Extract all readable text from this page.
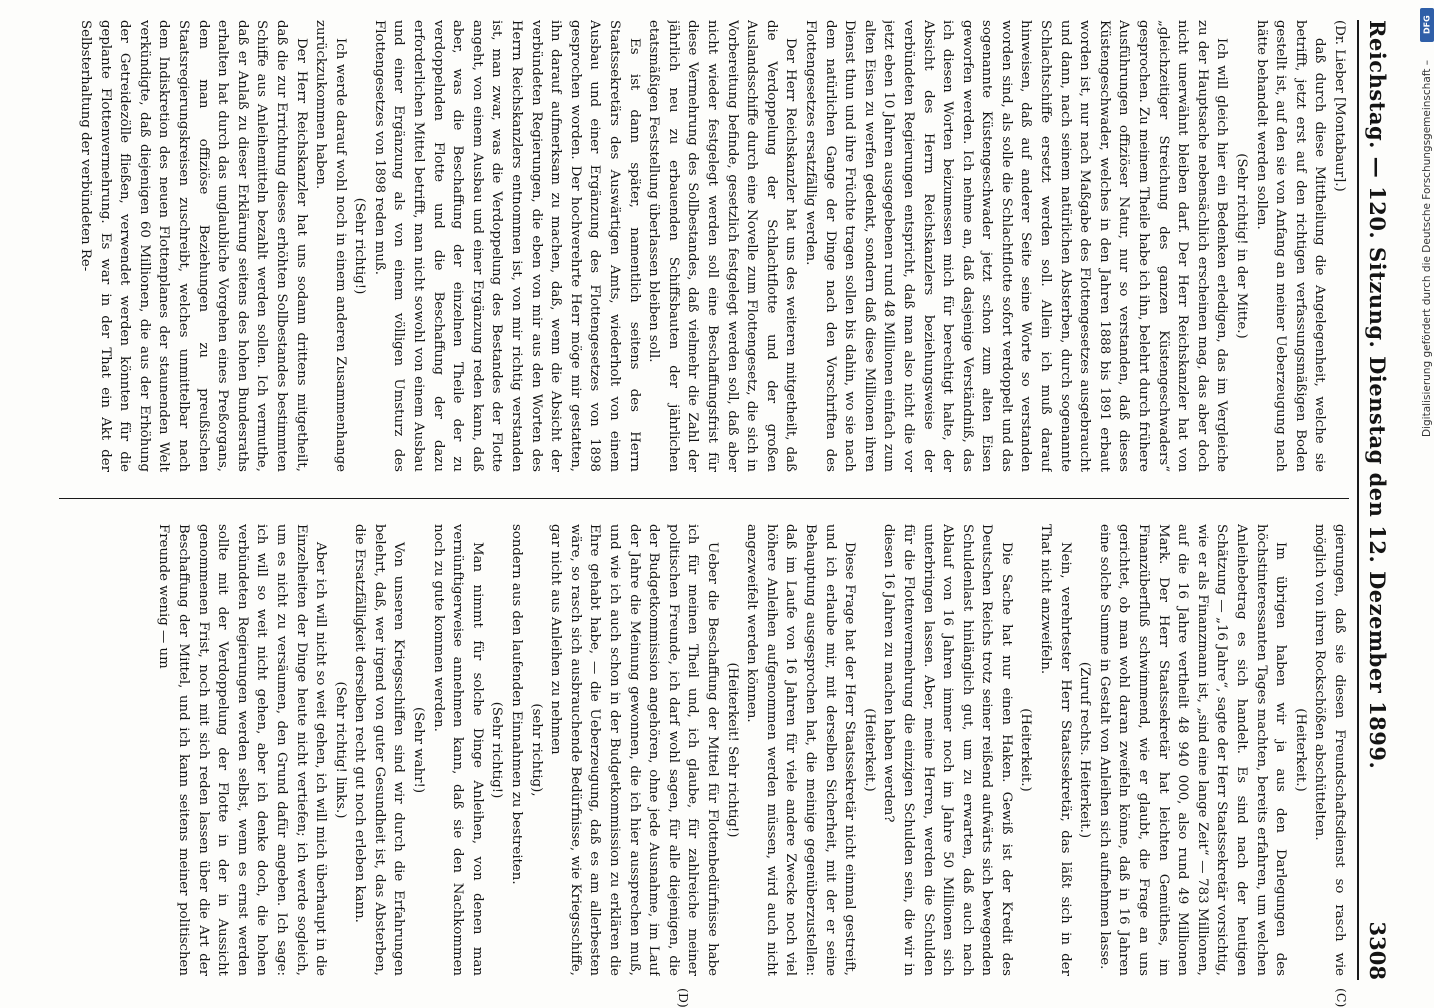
Reichstag. — 120. Sitzung. Dienstag den 12. Dezember 1899.
3308
(C)
(D)

(Dr. Lieber [Montabaur].)

daß durch diese Mittheilung die Angelegenheit, welche sie betrifft, jetzt erst auf den richtigen verfassungsmäßigen Boden gestellt ist, auf den sie von Anfang an meiner Ueberzeugung nach hätte behandelt werden sollen.

(Sehr richtig! in der Mitte.)

Ich will gleich hier ein Bedenken erledigen, das im Vergleiche zu der Hauptsache nebensächlich erscheinen mag, das aber doch nicht unerwähnt bleiben darf. Der Herr Reichskanzler hat von „gleichzeitiger Streichung des ganzen Küstengeschwaders“ gesprochen. Zu meinem Theile habe ich ihn, belehrt durch frühere Ausführungen offiziöser Natur, nur so verstanden, daß dieses Küstengeschwader, welches in den Jahren 1888 bis 1891 erbaut worden ist, nur nach Maßgabe des Flottengesetzes ausgebraucht und dann, nach seinem natürlichen Absterben, durch sogenannte Schlachtschiffe ersetzt werden soll. Allein ich muß darauf hinweisen, daß auf anderer Seite seine Worte so verstanden worden sind, als solle die Schlachtflotte sofort verdoppelt und das sogenannte Küstengeschwader jetzt schon zum alten Eisen geworfen werden. Ich nehme an, daß dasjenige Verständniß, das ich diesen Worten beizumessen mich für berechtigt halte, der Absicht des Herrn Reichskanzlers beziehungsweise der verbündeten Regierungen entspricht, daß man also nicht die vor jetzt eben 10 Jahren ausgegebenen rund 48 Millionen einfach zum alten Eisen zu werfen gedenkt, sondern daß diese Millionen ihren Dienst thun und ihre Früchte tragen sollen bis dahin, wo sie nach dem natürlichen Gange der Dinge nach den Vorschriften des Flottengesetzes ersatzfällig werden.

Der Herr Reichskanzler hat uns des weiteren mitgetheilt, daß die Verdoppelung der Schlachtflotte und der großen Auslandsschiffe durch eine Novelle zum Flottengesetz, die sich in Vorbereitung befinde, gesetzlich festgelegt werden soll, daß aber nicht wieder festgelegt werden soll eine Beschaffungsfrist für diese Vermehrung des Sollbestandes, daß vielmehr die Zahl der jährlich neu zu erbauenden Schiffsbauten der jährlichen etatsmäßigen Feststellung überlassen bleiben soll.

Es ist dann später, namentlich seitens des Herrn Staatssekretärs des Auswärtigen Amts, wiederholt von einem Ausbau und einer Ergänzung des Flottengesetzes von 1898 gesprochen worden. Der hochverehrte Herr möge mir gestatten, ihn darauf aufmerksam zu machen, daß, wenn die Absicht der verbündeten Regierungen, die eben von mir aus den Worten des Herrn Reichskanzlers entnommen ist, von mir richtig verstanden ist, man zwar, was die Verdoppelung des Bestandes der Flotte angeht, von einem Ausbau und einer Ergänzung reden kann, daß aber, was die Beschaffung der einzelnen Theile der zu verdoppelnden Flotte und die Beschaffung der dazu erforderlichen Mittel betrifft, man nicht sowohl von einem Ausbau und einer Ergänzung als von einem völligen Umsturz des Flottengesetzes von 1898 reden muß.

(Sehr richtig!)

Ich werde darauf wohl noch in einem anderen Zusammenhange zurückzukommen haben.

Der Herr Reichskanzler hat uns sodann drittens mitgetheilt, daß die zur Errichtung dieses erhöhten Sollbestandes bestimmten Schiffe aus Anleihemitteln bezahlt werden sollen. Ich vermuthe, daß er Anlaß zu dieser Erklärung seitens des hohen Bundesraths erhalten hat durch das unglaubliche Vorgehen eines Preßorgans, dem man offiziöse Beziehungen zu preußischen Staatsregierungskreisen zuschreibt, welches unmittelbar nach dem Indiskretion des neuen Flottenplanes der staunenden Welt verkündigte, daß diejenigen 60 Millionen, die aus der Erhöhung der Getreidezölle fließen, verwendet werden könnten für die geplante Flottenvermehrung. Es war in der That ein Akt der Selbsterhaltung der verbündeten Re-

gierungen, daß sie diesen Freundschaftsdienst so rasch wie möglich von ihren Rockschößen abschüttelten.

(Heiterkeit.)

Im übrigen haben wir ja aus den Darlegungen des höchstinteressanten Tages machten, bereits erfahren, um welchen Anleihebetrag es sich handelt. Es sind nach der heutigen Schätzung — „16 Jahre“, sagte der Herr Staatssekretär vorsichtig, wie er als Finanzmann ist, „sind eine lange Zeit“ — 783 Millionen, auf die 16 Jahre vertheilt 48 940 000, also rund 49 Millionen Mark. Der Herr Staatssekretär hat leichten Gemüthes, im Finanzüberfluß schwimmend, wie er glaubt, die Frage an uns gerichtet, ob man wohl daran zweifeln könne, daß in 16 Jahren eine solche Summe in Gestalt von Anleihen sich aufnehmen lasse.

(Zuruf rechts. Heiterkeit.)

Nein, verehrtester Herr Staatssekretär, das läßt sich in der That nicht anzweifeln.

(Heiterkeit.)

Die Sache hat nur einen Haken. Gewiß ist der Kredit des Deutschen Reichs trotz seiner reißend aufwärts sich bewegenden Schuldenlast hinlänglich gut, um zu erwarten, daß auch nach Ablauf von 16 Jahren immer noch im Jahre 50 Millionen sich unterbringen lassen. Aber, meine Herren, werden die Schulden für die Flottenvermehrung die einzigen Schulden sein, die wir in diesen 16 Jahren zu machen haben werden?

(Heiterkeit.)

Diese Frage hat der Herr Staatssekretär nicht einmal gestreift, und ich erlaube mir, mit derselben Sicherheit, mit der er seine Behauptung ausgesprochen hat, die meinige gegenüberzustellen: daß im Laufe von 16 Jahren für viele andere Zwecke noch viel höhere Anleihen aufgenommen werden müssen, wird auch nicht angezweifelt werden können.

(Heiterkeit! Sehr richtig!)

Ueber die Beschaffung der Mittel für Flottenbedürfnisse habe ich für meinen Theil und, ich glaube, für zahlreiche meiner politischen Freunde, ich darf wohl sagen, für alle diejenigen, die der Budgetkommission angehören, ohne jede Ausnahme, im Lauf der Jahre die Meinung gewonnen, die ich hier aussprechen muß, und wie ich auch schon in der Budgetkommission zu erklären die Ehre gehabt habe, — die Ueberzeugung, daß es am allerbesten wäre, so rasch sich ausbrauchende Bedürfnisse, wie Kriegsschiffe, gar nicht aus Anleihen zu nehmen

(sehr richtig),

sondern aus den laufenden Einnahmen zu bestreiten.

(Sehr richtig!)

Man nimmt für solche Dinge Anleihen, von denen man vernünftigerweise annehmen kann, daß sie den Nachkommen noch zu gute kommen werden.

(Sehr wahr!)

Von unseren Kriegsschiffen sind wir durch die Erfahrungen belehrt, daß, wer irgend von guter Gesundheit ist, das Absterben, die Ersatzfälligkeit derselben recht gut noch erleben kann.

(Sehr richtig! links.)

Aber ich will nicht so weit gehen, ich will mich überhaupt in die Einzelheiten der Dinge heute nicht vertiefen; ich werde sogleich, um es nicht zu versäumen, den Grund dafür angeben. Ich sage: ich will so weit nicht gehen, aber ich denke doch, die hohen verbündeten Regierungen werden selbst, wenn es ernst werden sollte mit der Verdoppelung der Flotte in der in Aussicht genommenen Frist, noch mit sich reden lassen über die Art der Beschaffung der Mittel, und ich kann seitens meiner politischen Freunde wenig — um

DFG
Digitalisierung gefördert durch die Deutsche Forschungsgemeinschaft –
